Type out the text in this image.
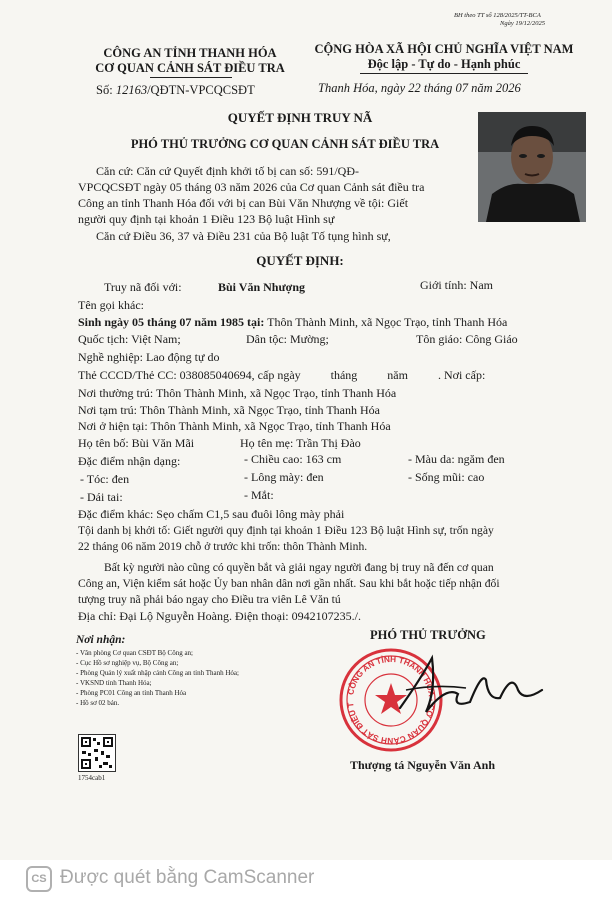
BH theo TT số 128/2025/TT-BCA
Ngày 19/12/2025
CÔNG AN TỈNH THANH HÓA
CƠ QUAN CẢNH SÁT ĐIỀU TRA
Số: 12163/QĐTN-VPCQCSĐT
CỘNG HÒA XÃ HỘI CHỦ NGHĨA VIỆT NAM
Độc lập - Tự do - Hạnh phúc
Thanh Hóa, ngày 22 tháng 07 năm 2026
QUYẾT ĐỊNH TRUY NÃ
PHÓ THỦ TRƯỞNG CƠ QUAN CẢNH SÁT ĐIỀU TRA
Căn cứ: Căn cứ Quyết định khởi tố bị can số: 591/QĐ-
VPCQCSĐT ngày 05 tháng 03 năm 2026 của Cơ quan Cảnh sát điều tra
Công an tỉnh Thanh Hóa đối với bị can Bùi Văn Nhượng về tội: Giết
người quy định tại khoản 1 Điều 123 Bộ luật Hình sự
Căn cứ Điều 36, 37 và Điều 231 của Bộ luật Tố tụng hình sự,
QUYẾT ĐỊNH:
Truy nã đối với:	Bùi Văn Nhượng	Giới tính: Nam
Tên gọi khác:
Sinh ngày 05 tháng 07 năm 1985 tại: Thôn Thành Minh, xã Ngọc Trạo, tỉnh Thanh Hóa
Quốc tịch: Việt Nam;	Dân tộc: Mường;	Tôn giáo: Công Giáo
Nghề nghiệp: Lao động tự do
Thẻ CCCD/Thẻ CC: 038085040694, cấp ngày          tháng          năm          . Nơi cấp:
Nơi thường trú: Thôn Thành Minh, xã Ngọc Trạo, tỉnh Thanh Hóa
Nơi tạm trú: Thôn Thành Minh, xã Ngọc Trạo, tỉnh Thanh Hóa
Nơi ở hiện tại: Thôn Thành Minh, xã Ngọc Trạo, tỉnh Thanh Hóa
Họ tên bố: Bùi Văn Mãi	Họ tên mẹ: Trần Thị Đào
Đặc điểm nhận dạng:	- Chiều cao: 163 cm	- Màu da: ngăm đen
- Tóc: đen	- Lông mày: đen	- Sống mũi: cao
- Dái tai:	- Mắt:
Đặc điểm khác: Sẹo chấm C1,5 sau đuôi lông mày phải
Tội danh bị khởi tố: Giết người quy định tại khoản 1 Điều 123 Bộ luật Hình sự, trốn ngày
22 tháng 06 năm 2019 chỗ ở trước khi trốn: thôn Thành Minh.
Bất kỳ người nào cũng có quyền bắt và giải ngay người đang bị truy nã đến cơ quan
Công an, Viện kiểm sát hoặc Ủy ban nhân dân nơi gần nhất. Sau khi bắt hoặc tiếp nhận đối
tượng truy nã phải báo ngay cho Điều tra viên Lê Văn tú
Địa chỉ: Đại Lộ Nguyễn Hoàng. Điện thoại: 0942107235./.
Nơi nhận:
- Văn phòng Cơ quan CSĐT Bộ Công an;
- Cục Hồ sơ nghiệp vụ, Bộ Công an;
- Phòng Quản lý xuất nhập cảnh Công an tỉnh Thanh Hóa;
- VKSND tỉnh Thanh Hóa;
- Phòng PC01 Công an tỉnh Thanh Hóa
- Hồ sơ 02 bản.
1754cab1
PHÓ THỦ TRƯỞNG
CÔNG AN TỈNH THANH HÓA · CƠ QUAN CẢNH SÁT ĐIỀU T
Thượng tá Nguyễn Văn Anh
CS Được quét bằng CamScanner
